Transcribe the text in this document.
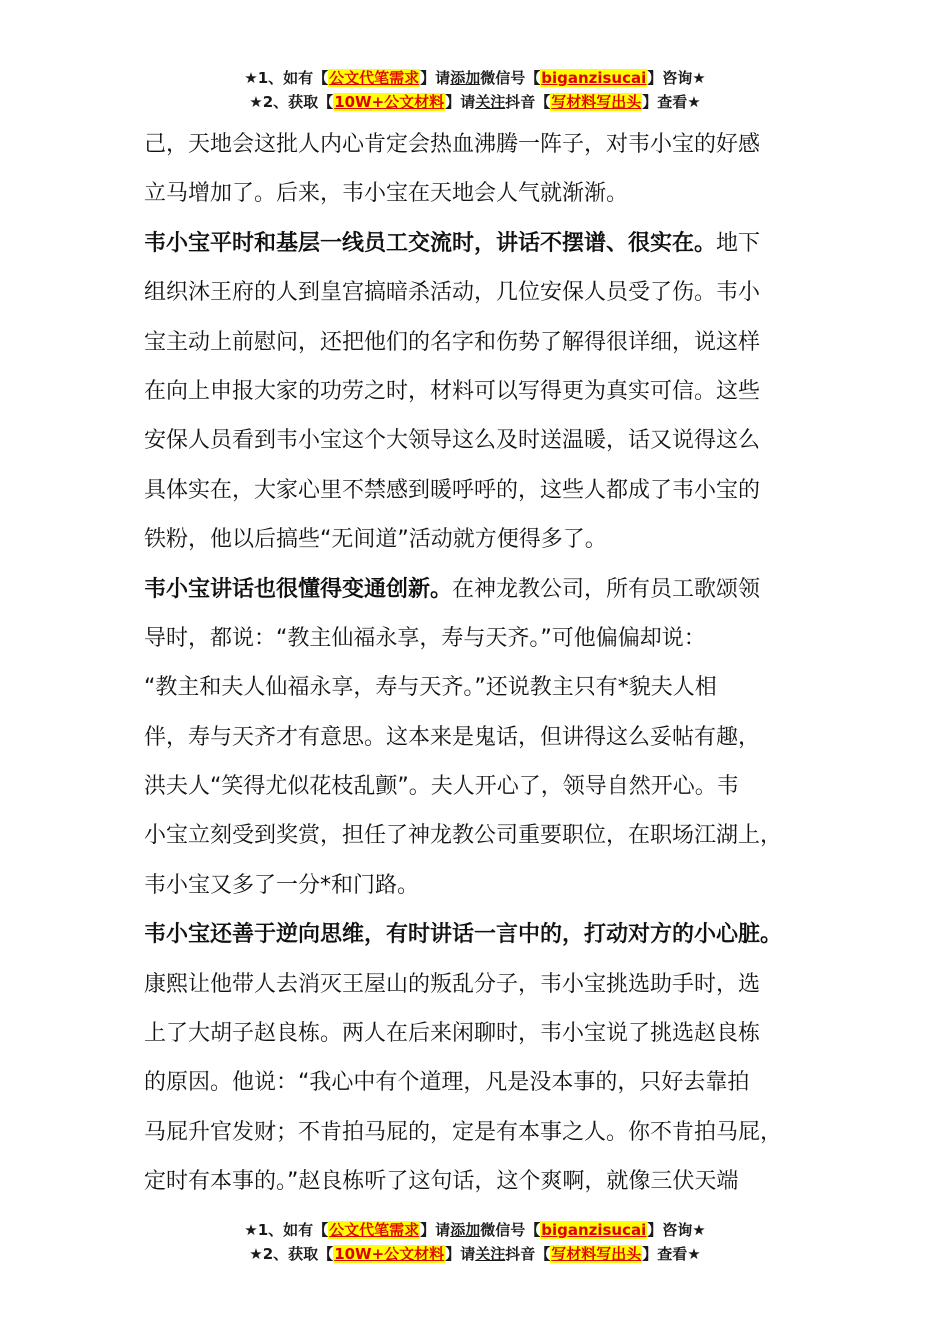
★1、如有【公文代笔需求】请添加微信号【biganzisucai】咨询★
★2、获取【10W+公文材料】请关注抖音【写材料写出头】查看★
己，天地会这批人内心肯定会热血沸腾一阵子，对韦小宝的好感
立马增加了。后来，韦小宝在天地会人气就渐渐。
韦小宝平时和基层一线员工交流时，讲话不摆谱、很实在。地下
组织沐王府的人到皇宫搞暗杀活动，几位安保人员受了伤。韦小
宝主动上前慰问，还把他们的名字和伤势了解得很详细，说这样
在向上申报大家的功劳之时，材料可以写得更为真实可信。这些
安保人员看到韦小宝这个大领导这么及时送温暖，话又说得这么
具体实在，大家心里不禁感到暖呼呼的，这些人都成了韦小宝的
铁粉，他以后搞些“无间道”活动就方便得多了。
韦小宝讲话也很懂得变通创新。在神龙教公司，所有员工歌颂领
导时，都说：“教主仙福永享，寿与天齐。”可他偏偏却说：
“教主和夫人仙福永享，寿与天齐。”还说教主只有*貌夫人相
伴，寿与天齐才有意思。这本来是鬼话，但讲得这么妥帖有趣，
洪夫人“笑得尤似花枝乱颤”。夫人开心了，领导自然开心。韦
小宝立刻受到奖赏，担任了神龙教公司重要职位，在职场江湖上，
韦小宝又多了一分*和门路。
韦小宝还善于逆向思维，有时讲话一言中的，打动对方的小心脏。
康熙让他带人去消灭王屋山的叛乱分子，韦小宝挑选助手时，选
上了大胡子赵良栋。两人在后来闲聊时，韦小宝说了挑选赵良栋
的原因。他说：“我心中有个道理，凡是没本事的，只好去靠拍
马屁升官发财；不肯拍马屁的，定是有本事之人。你不肯拍马屁，
定时有本事的。”赵良栋听了这句话，这个爽啊，就像三伏天端
★1、如有【公文代笔需求】请添加微信号【biganzisucai】咨询★
★2、获取【10W+公文材料】请关注抖音【写材料写出头】查看★
